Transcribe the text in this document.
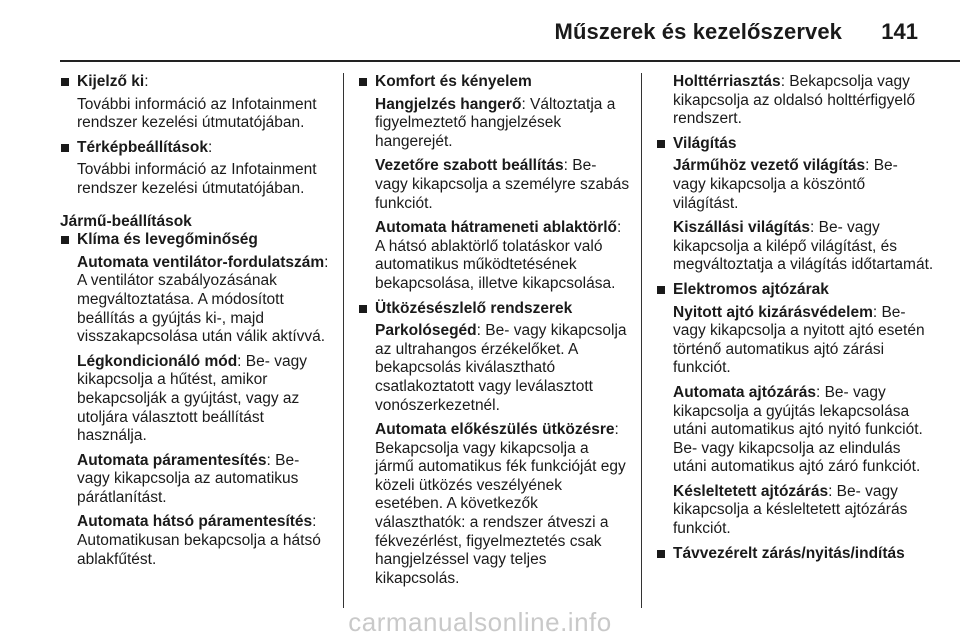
Műszerek és kezelőszervek 141
Kijelző ki:
További információ az Infotainment rendszer kezelési útmutatójában.
Térképbeállítások:
További információ az Infotainment rendszer kezelési útmutatójában.
Jármű-beállítások
Klíma és levegőminőség
Automata ventilátor-fordulatszám: A ventilátor szabályozásának megváltoztatása. A módosított beállítás a gyújtás ki-, majd visszakapcsolása után válik aktívvá.
Légkondicionáló mód: Be- vagy kikapcsolja a hűtést, amikor bekapcsolják a gyújtást, vagy az utoljára választott beállítást használja.
Automata páramentesítés: Be- vagy kikapcsolja az automatikus párátlanítást.
Automata hátsó páramentesítés: Automatikusan bekapcsolja a hátsó ablakfűtést.
Komfort és kényelem
Hangjelzés hangerő: Változtatja a figyelmeztető hangjelzések hangerejét.
Vezetőre szabott beállítás: Be- vagy kikapcsolja a személyre szabás funkciót.
Automata hátrameneti ablaktörlő: A hátsó ablaktörlő tolatáskor való automatikus működtetésének bekapcsolása, illetve kikapcsolása.
Ütközésészlelő rendszerek
Parkolósegéd: Be- vagy kikapcsolja az ultrahangos érzékelőket. A bekapcsolás kiválasztható csatlakoztatott vagy leválasztott vonószerkezetnél.
Automata előkészülés ütközésre: Bekapcsolja vagy kikapcsolja a jármű automatikus fék funkcióját egy közeli ütközés veszélyének esetében. A következők választhatók: a rendszer átveszi a fékvezérlést, figyelmeztetés csak hangjelzéssel vagy teljes kikapcsolás.
Holttérriasztás: Bekapcsolja vagy kikapcsolja az oldalsó holttérfigyelő rendszert.
Világítás
Járműhöz vezető világítás: Be- vagy kikapcsolja a köszöntő világítást.
Kiszállási világítás: Be- vagy kikapcsolja a kilépő világítást, és megváltoztatja a világítás időtartamát.
Elektromos ajtózárak
Nyitott ajtó kizárásvédelem: Be- vagy kikapcsolja a nyitott ajtó esetén történő automatikus ajtó zárási funkciót.
Automata ajtózárás: Be- vagy kikapcsolja a gyújtás lekapcsolása utáni automatikus ajtó nyitó funkciót. Be- vagy kikapcsolja az elindulás utáni automatikus ajtó záró funkciót.
Késleltetett ajtózárás: Be- vagy kikapcsolja a késleltetett ajtózárás funkciót.
Távvezérelt zárás/nyitás/indítás
carmanualsonline.info
